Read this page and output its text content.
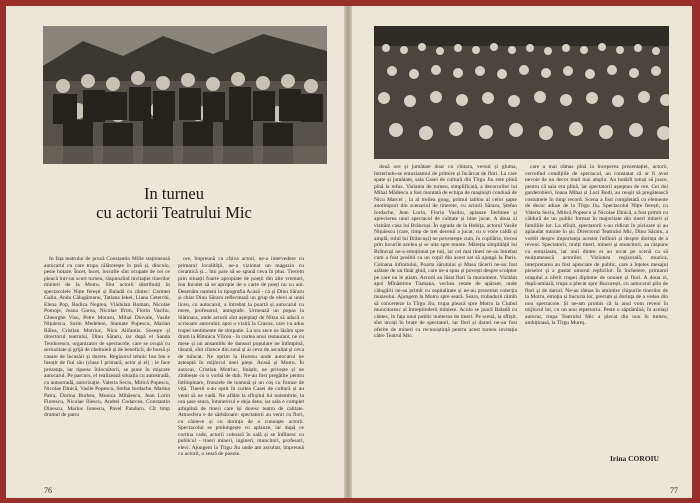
In turneu
cu actorii Teatrului Mic

In fața teatrului de proză Constantin Mille staționează autocarul cu care trupa călătorește în țară și, dincolo, peste hotare. Încet, încet, locurile sînt ocupate de cei ce pleacă într-un scurt turneu, răspunzînd invitației tinerilor minieri de la Motru. Sînt actorii distribuiți în spectacolele Nițte ferești și Baladă cu cântec: Carmen Galin, Anda Călugăreanu, Tatiana Iekel, Liana Ceterchi, Elena Pop, Rodica Negrea, Vlădulan Roman, Nicolae Pomoje, Jeana Gorea, Nicolae Ifrim, Florin Vasiliu, Gheorghe Visu, Petre Moraru, Mihai Dinvale, Vasile Nițulescu, Sorin Medeleni, Stamate Popescu, Marian Rălea, Cristian Motriuc, Nicu Alifantis. Sosește și directorul teatrului, Dinu Săraru, iar după el Sanda Teodorescu, organizator de spectacole, care se ocupă cu seriozitate și grijă de cheltuieli și de beneficii, de bursă și casare de încasări și durere. Regizorul tehnic Ion Ion e însoțit de fiul său (clasa I primară, actor și el) ; le face prezența, iar tipsesc înlocuitorii, se pune în mișcare autocarul. Pe parcurs, el realizează situația cu autostradă, cu autostradă, autorizație. Valeria Seciu, Mitică Popescu, Nicolae Dinică, Vasile Popescu, Stefan Iordache, Marina Patra, Dorina Burbea, Monica Mihăescu, Jean Lorin Florescu, Nicolae Iliescu, Andrei Codarcea, Constantin Dinescu, Marius Ionescu, Pavel Panduru. Cît timp drumul de patru

ore, împreună cu cîțiva actori, ne-a intervedere cu primarul localității, ne-a vizionat un magazin cu ceramică și... îmi pare să se spună ceva în plus. Trecem prin situații foarte apropiate de poeții din alte vremuri, Ion Inculet să se apropie de o carte de poeți nu cu ani. Desenăm oameni la tipografia Acasă - ca și Dinu Săraru și chiar Dinu Săraru reflectează un grup de elevi ai unui liceu, cu autocarul, a întrebat la poartă și autocarul cu mere, profesorul, autografe. Urmează un popas la Slătioara, unde actorii sînt așteptați de Nitzu să aducă o scrisoare autorului; apoi o vizită la Crasna, care i-a adus trupei sentimente de simpatie. La ora zece ne lăsăm spre drum la Rîmnicu Vîlcea - în curtea unui restaurant, ne cu mese și un ansamblu de dansuri populare ne întîmpină, răsună, sînt cîntece din zonă și ai ceva de ascultat și ceva de mîncat. Ne oprim la Horezu unde autocarul ne așteaptă în mijlocul unei piețe. Acasă și Motru. În autocar, Cristian Motriuc, liniștit, ne privește și ne zîmbește cu o vorbă de duh. Ne-au fost pregătite pentru întîmpinare, frunzele de toamnă și un coș cu frunze de viță. Tinerii s-au oprit în curtea Casei de cultură și au venit să ne vadă. Ne aflăm la sfîrșitul lui noiembrie, la ora șase seara, întunericul e deja dens, iar sala e complet arhiplină de tineri care își doresc teatru de calitate. Atmosfera e de sărbătoare: spectatorii au venit cu flori, cu cântece și cu dorința de a cunoaște actorii. Spectacolul se prelungește cu aplauze, iar după ce cortina cade, actorii coboară în sală și se întîlnesc cu publicul - tineri mineri, ingineri, muncitori, profesori, elevi. Ajungem la Tîrgu Jiu unde am ascultat, împreună cu actorii, o seară de poezie.

76

două ore și jumătate doar cu chitara, versul și gluma, întrerindu-se entuziasmul de primire și încărcat de flori. La care spate și jumătate, sala Casei de cultură din Tîrgu Jiu este plină pînă la refuz. Varianta de turneu, simplificată, a decorurilor lui Mihai Mădescu a fost montată de echipa de mașiniști condusă de Nicu Marcel ; la al treilea gong, primul tablou al celor șapte anotimpuri din scenariul de tinerete, cu actorii Săraru, Ștefan Iordache, Jean Lorin, Florin Vasiliu, aplauze fierbinte și aprecierea unui spectacol de calitate și bine jucat. A doua zi vizităm casa lui Brâncuși. În ograda de la Hobița, actorul Vasile Nițulescu (care, timp de trei decenii a jucat, cu o voce caldă și amplă, rolul lui Brâncuși) ne povestește cum, în copilărie, trecea prin locurile acelea și se uita spre munte. Măreția simplității lui Brâncuși ne-a emoționat pe toți, iar cei mai tineri ne-au întrebat cum a fost posibil ca un copil din acest sat să ajungă la Paris. Coloana infinitului, Poarta sărutului și Masa tăcerii ne-au fost arătate de un tînăr ghid, care ne-a spus și povești despre sculptor pe care nu le știam. Actorii au lăsat flori la monument. Vizităm apoi Mînăstirea Tismana, vechea cetate de apărare, unde călugării ne-au primit cu ospitalitate și ne-au prezentat colecția muzeului. Ajungem la Motru spre seară. Seara, trubadurii rămîn să concerteze la Tîrgu Jiu, trupa pleacă spre Motru la Clubul muncitoresc al întreprinderii miniere. Acolo se joacă Baladă cu cântec, în fața unui public numeros de tineri. Pe scenă, la sfîrșit, sînt urcați în brațe de spectatori, iar flori și daruri ne-au fost oferite de mineri ca recunoștință pentru acest turneu invitația cătrе Teatrul Mic.

care a mai rămas pînă la începerea prezentației, actorii, cercetînd condițiile de spectacol, au constatat că ar fi avut nevoie de un decor mult mai amplu. Au hotărît totuși să joace, pentru că sala era plină, iar spectatorii așteptau de ore. Cei doi garderobieri, Ioana Mihai și Luci Bodi, au reușit să pregătească costumele în timp record. Scena a fost completată cu elemente de decor aduse de la Tîrgu Jiu. Spectacolul Nițte ferești, cu Valeria Seciu, Mitică Popescu și Nicolae Dinică, a fost primit cu căldură de un public format în majoritate din tineri mineri și familiile lor. La sfîrșit, spectatorii s-au ridicat în picioare și au aplaudat minute în șir. Directorul Teatrului Mic, Dinu Săraru, a vorbit despre importanța acestor întîlniri și despre dorința de a reveni. Spectatorii, mulți tineri, mineri și muncitori, au răspuns cu entuziasm, iar unii dintre ei au urcat pe scenă ca să mulțumească actorilor. Viziunea regizorală, muzica, interpretarea au fost apreciate de public, care a înțeles mesajul pieselor și a gustat umorul replicilor. În încheiere, primarul orașului a oferit trupei diplome de onoare și flori. A doua zi, după-amiază, trupa a plecat spre București, cu autocarul plin de flori și de daruri. Ne-au rămas în amintire chipurile tinerilor de la Motru, emoția și bucuria lor, precum și dorința de a vedea din nou spectacole. Și ne-am promis că la anul vom reveni în mijlocul lor, cu un nou repertoriu. Peste o săptămînă, în același autocar, trupa Teatrului Mic a plecat din nou în turneu, ambițioasă, la Tîrgu Mureș.

Irina COROIU
77
